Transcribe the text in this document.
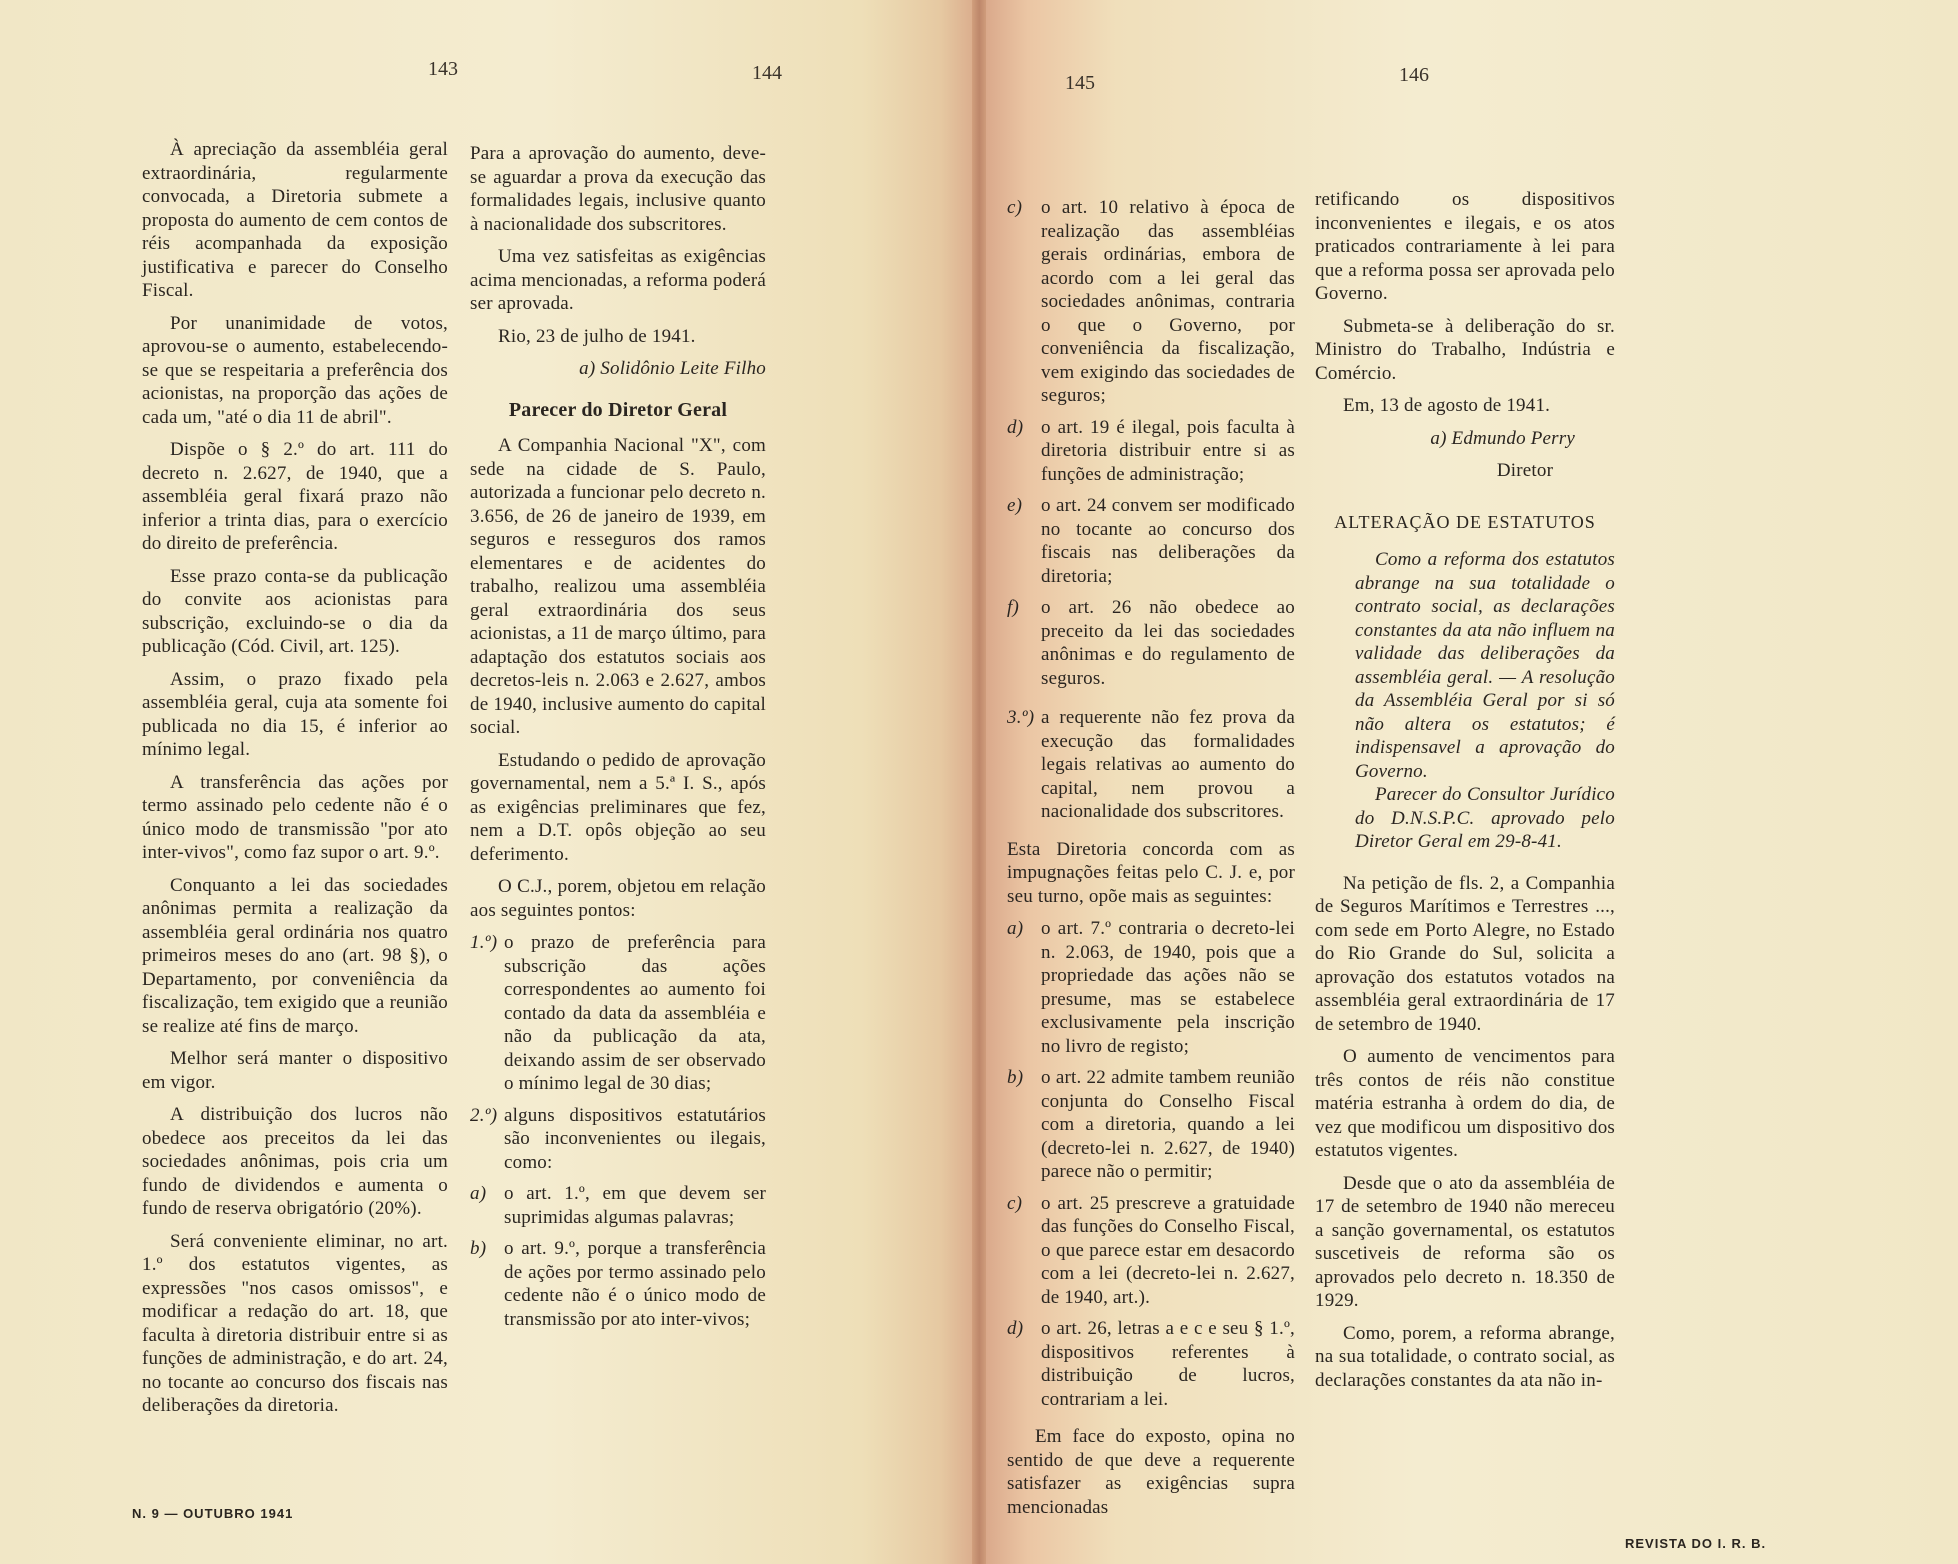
143	144

À apreciação da assembléia geral extraordinária, regularmente convocada, a Diretoria submete a proposta do aumento de cem contos de réis acompanhada da exposição justificativa e parecer do Conselho Fiscal.

Por unanimidade de votos, aprovou-se o aumento, estabelecendo-se que se respeitaria a preferência dos acionistas, na proporção das ações de cada um, "até o dia 11 de abril".

Dispõe o § 2.º do art. 111 do decreto n. 2.627, de 1940, que a assembléia geral fixará prazo não inferior a trinta dias, para o exercício do direito de preferência.

Esse prazo conta-se da publicação do convite aos acionistas para subscrição, excluindo-se o dia da publicação (Cód. Civil, art. 125).

Assim, o prazo fixado pela assembléia geral, cuja ata somente foi publicada no dia 15, é inferior ao mínimo legal.

A transferência das ações por termo assinado pelo cedente não é o único modo de transmissão "por ato inter-vivos", como faz supor o art. 9.º.

Conquanto a lei das sociedades anônimas permita a realização da assembléia geral ordinária nos quatro primeiros meses do ano (art. 98 §), o Departamento, por conveniência da fiscalização, tem exigido que a reunião se realize até fins de março.

Melhor será manter o dispositivo em vigor.

A distribuição dos lucros não obedece aos preceitos da lei das sociedades anônimas, pois cria um fundo de dividendos e aumenta o fundo de reserva obrigatório (20%).

Será conveniente eliminar, no art. 1.º dos estatutos vigentes, as expressões "nos casos omissos", e modificar a redação do art. 18, que faculta à diretoria distribuir entre si as funções de administração, e do art. 24, no tocante ao concurso dos fiscais nas deliberações da diretoria.

Para a aprovação do aumento, deve-se aguardar a prova da execução das formalidades legais, inclusive quanto à nacionalidade dos subscritores.

Uma vez satisfeitas as exigências acima mencionadas, a reforma poderá ser aprovada.

Rio, 23 de julho de 1941.

a) Solidônio Leite Filho

Parecer do Diretor Geral

A Companhia Nacional "X", com sede na cidade de S. Paulo, autorizada a funcionar pelo decreto n. 3.656, de 26 de janeiro de 1939, em seguros e resseguros dos ramos elementares e de acidentes do trabalho, realizou uma assembléia geral extraordinária dos seus acionistas, a 11 de março último, para adaptação dos estatutos sociais aos decretos-leis n. 2.063 e 2.627, ambos de 1940, inclusive aumento do capital social.

Estudando o pedido de aprovação governamental, nem a 5.ª I. S., após as exigências preliminares que fez, nem a D.T. opôs objeção ao seu deferimento.

O C.J., porem, objetou em relação aos seguintes pontos:

1.º) o prazo de preferência para subscrição das ações correspondentes ao aumento foi contado da data da assembléia e não da publicação da ata, deixando assim de ser observado o mínimo legal de 30 dias;
2.º) alguns dispositivos estatutários são inconvenientes ou ilegais, como:
a) o art. 1.º, em que devem ser suprimidas algumas palavras;
b) o art. 9.º, porque a transferência de ações por termo assinado pelo cedente não é o único modo de transmissão por ato inter-vivos;
N. 9 — OUTUBRO 1941
145	146
c) o art. 10 relativo à época de realização das assembléias gerais ordinárias, embora de acordo com a lei geral das sociedades anônimas, contraria o que o Governo, por conveniência da fiscalização, vem exigindo das sociedades de seguros;
d) o art. 19 é ilegal, pois faculta à diretoria distribuir entre si as funções de administração;
e) o art. 24 convem ser modificado no tocante ao concurso dos fiscais nas deliberações da diretoria;
f)	o art. 26 não obedece ao preceito da lei das sociedades anônimas e do regulamento de seguros.
3.º) a requerente não fez prova da execução das formalidades legais relativas ao aumento do capital, nem provou a nacionalidade dos subscritores.

Esta Diretoria concorda com as impugnações feitas pelo C. J. e, por seu turno, opõe mais as seguintes:

a) o art. 7.º contraria o decreto-lei n. 2.063, de 1940, pois que a propriedade das ações não se presume, mas se estabelece exclusivamente pela inscrição no livro de registo;
b) o art. 22 admite tambem reunião conjunta do Conselho Fiscal com a diretoria, quando a lei (decreto-lei n. 2.627, de 1940) parece não o permitir;
c) o art. 25 prescreve a gratuidade das funções do Conselho Fiscal, o que parece estar em desacordo com a lei (decreto-lei n. 2.627, de 1940, art.).
d) o art. 26, letras a e c e seu § 1.º, dispositivos referentes à distribuição de lucros, contrariam a lei.

Em face do exposto, opina no sentido de que deve a requerente satisfazer as exigências supra mencionadas

retificando os dispositivos inconvenientes e ilegais, e os atos praticados contrariamente à lei para que a reforma possa ser aprovada pelo Governo.

Submeta-se à deliberação do sr. Ministro do Trabalho, Indústria e Comércio.

Em, 13 de agosto de 1941.

a) Edmundo Perry

Diretor

ALTERAÇÃO DE ESTATUTOS

Como a reforma dos estatutos abrange na sua totalidade o contrato social, as declarações constantes da ata não influem na validade das deliberações da assembléia geral. — A resolução da Assembléia Geral por si só não altera os estatutos; é indispensavel a aprovação do Governo.

Parecer do Consultor Jurídico do D.N.S.P.C. aprovado pelo Diretor Geral em 29-8-41.

Na petição de fls. 2, a Companhia de Seguros Marítimos e Terrestres ..., com sede em Porto Alegre, no Estado do Rio Grande do Sul, solicita a aprovação dos estatutos votados na assembléia geral extraordinária de 17 de setembro de 1940.

O aumento de vencimentos para três contos de réis não constitue matéria estranha à ordem do dia, de vez que modificou um dispositivo dos estatutos vigentes.

Desde que o ato da assembléia de 17 de setembro de 1940 não mereceu a sanção governamental, os estatutos suscetiveis de reforma são os aprovados pelo decreto n. 18.350 de 1929.

Como, porem, a reforma abrange, na sua totalidade, o contrato social, as declarações constantes da ata não in-

REVISTA DO I. R. B.
